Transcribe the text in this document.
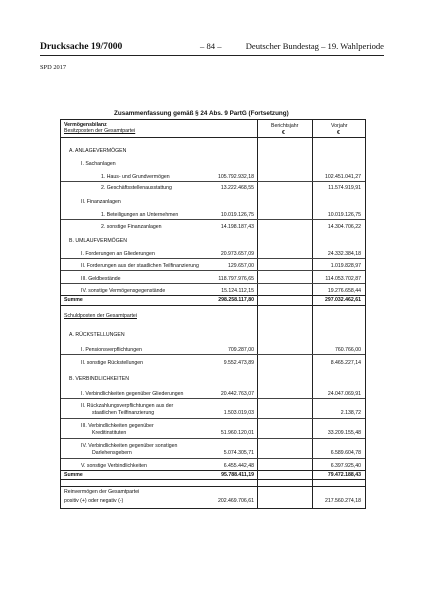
Drucksache 19/7000	– 84 –	Deutscher Bundestag – 19. Wahlperiode
SPD 2017
Zusammenfassung gemäß § 24 Abs. 9 PartG (Fortsetzung)
Vermögensbilanz	Berichtsjahr	Vorjahr
€	€
Besitzposten der Gesamtpartei
A. ANLAGEVERMÖGEN
I. Sachanlagen
1. Haus- und Grundvermögen	105.792.932,18	102.451.041,27
2. Geschäftsstellenausstattung	13.222.468,55	11.574.919,91
II. Finanzanlagen
1. Beteiligungen an Unternehmen	10.019.126,75	10.019.126,75
2. sonstige Finanzanlagen	14.198.187,43	14.304.706,22
B. UMLAUFVERMÖGEN
I. Forderungen an Gliederungen	20.973.657,09	24.332.384,18
II. Forderungen aus der staatlichen Teilfinanzierung	129.657,00	1.019.828,97
III. Geldbestände	118.797.976,65	114.053.702,87
IV. sonstige Vermögensgegenstände	15.124.112,15	19.276.658,44
Summe	298.258.117,80	297.032.462,61
Schuldposten der Gesamtpartei
A. RÜCKSTELLUNGEN
I. Pensionsverpflichtungen	709.287,00	760.766,00
II. sonstige Rückstellungen	9.552.473,89	8.465.227,14
B. VERBINDLICHKEITEN
I. Verbindlichkeiten gegenüber Gliederungen	20.442.763,07	24.047.069,91
II. Rückzahlungsverpflichtungen aus der
staatlichen Teilfinanzierung	1.503.019,03	2.138,72
III. Verbindlichkeiten gegenüber
Kreditinstituten	51.960.120,01	33.209.155,48
IV. Verbindlichkeiten gegenüber sonstigen
Darlehensgebern	5.074.305,71	6.589.604,78
V. sonstige Verbindlichkeiten	6.455.442,48	6.397.925,40
Summe	95.788.411,19	79.472.188,43
Reinvermögen der Gesamtpartei
positiv (+) oder negativ (-)	202.469.706,61	217.560.274,18
